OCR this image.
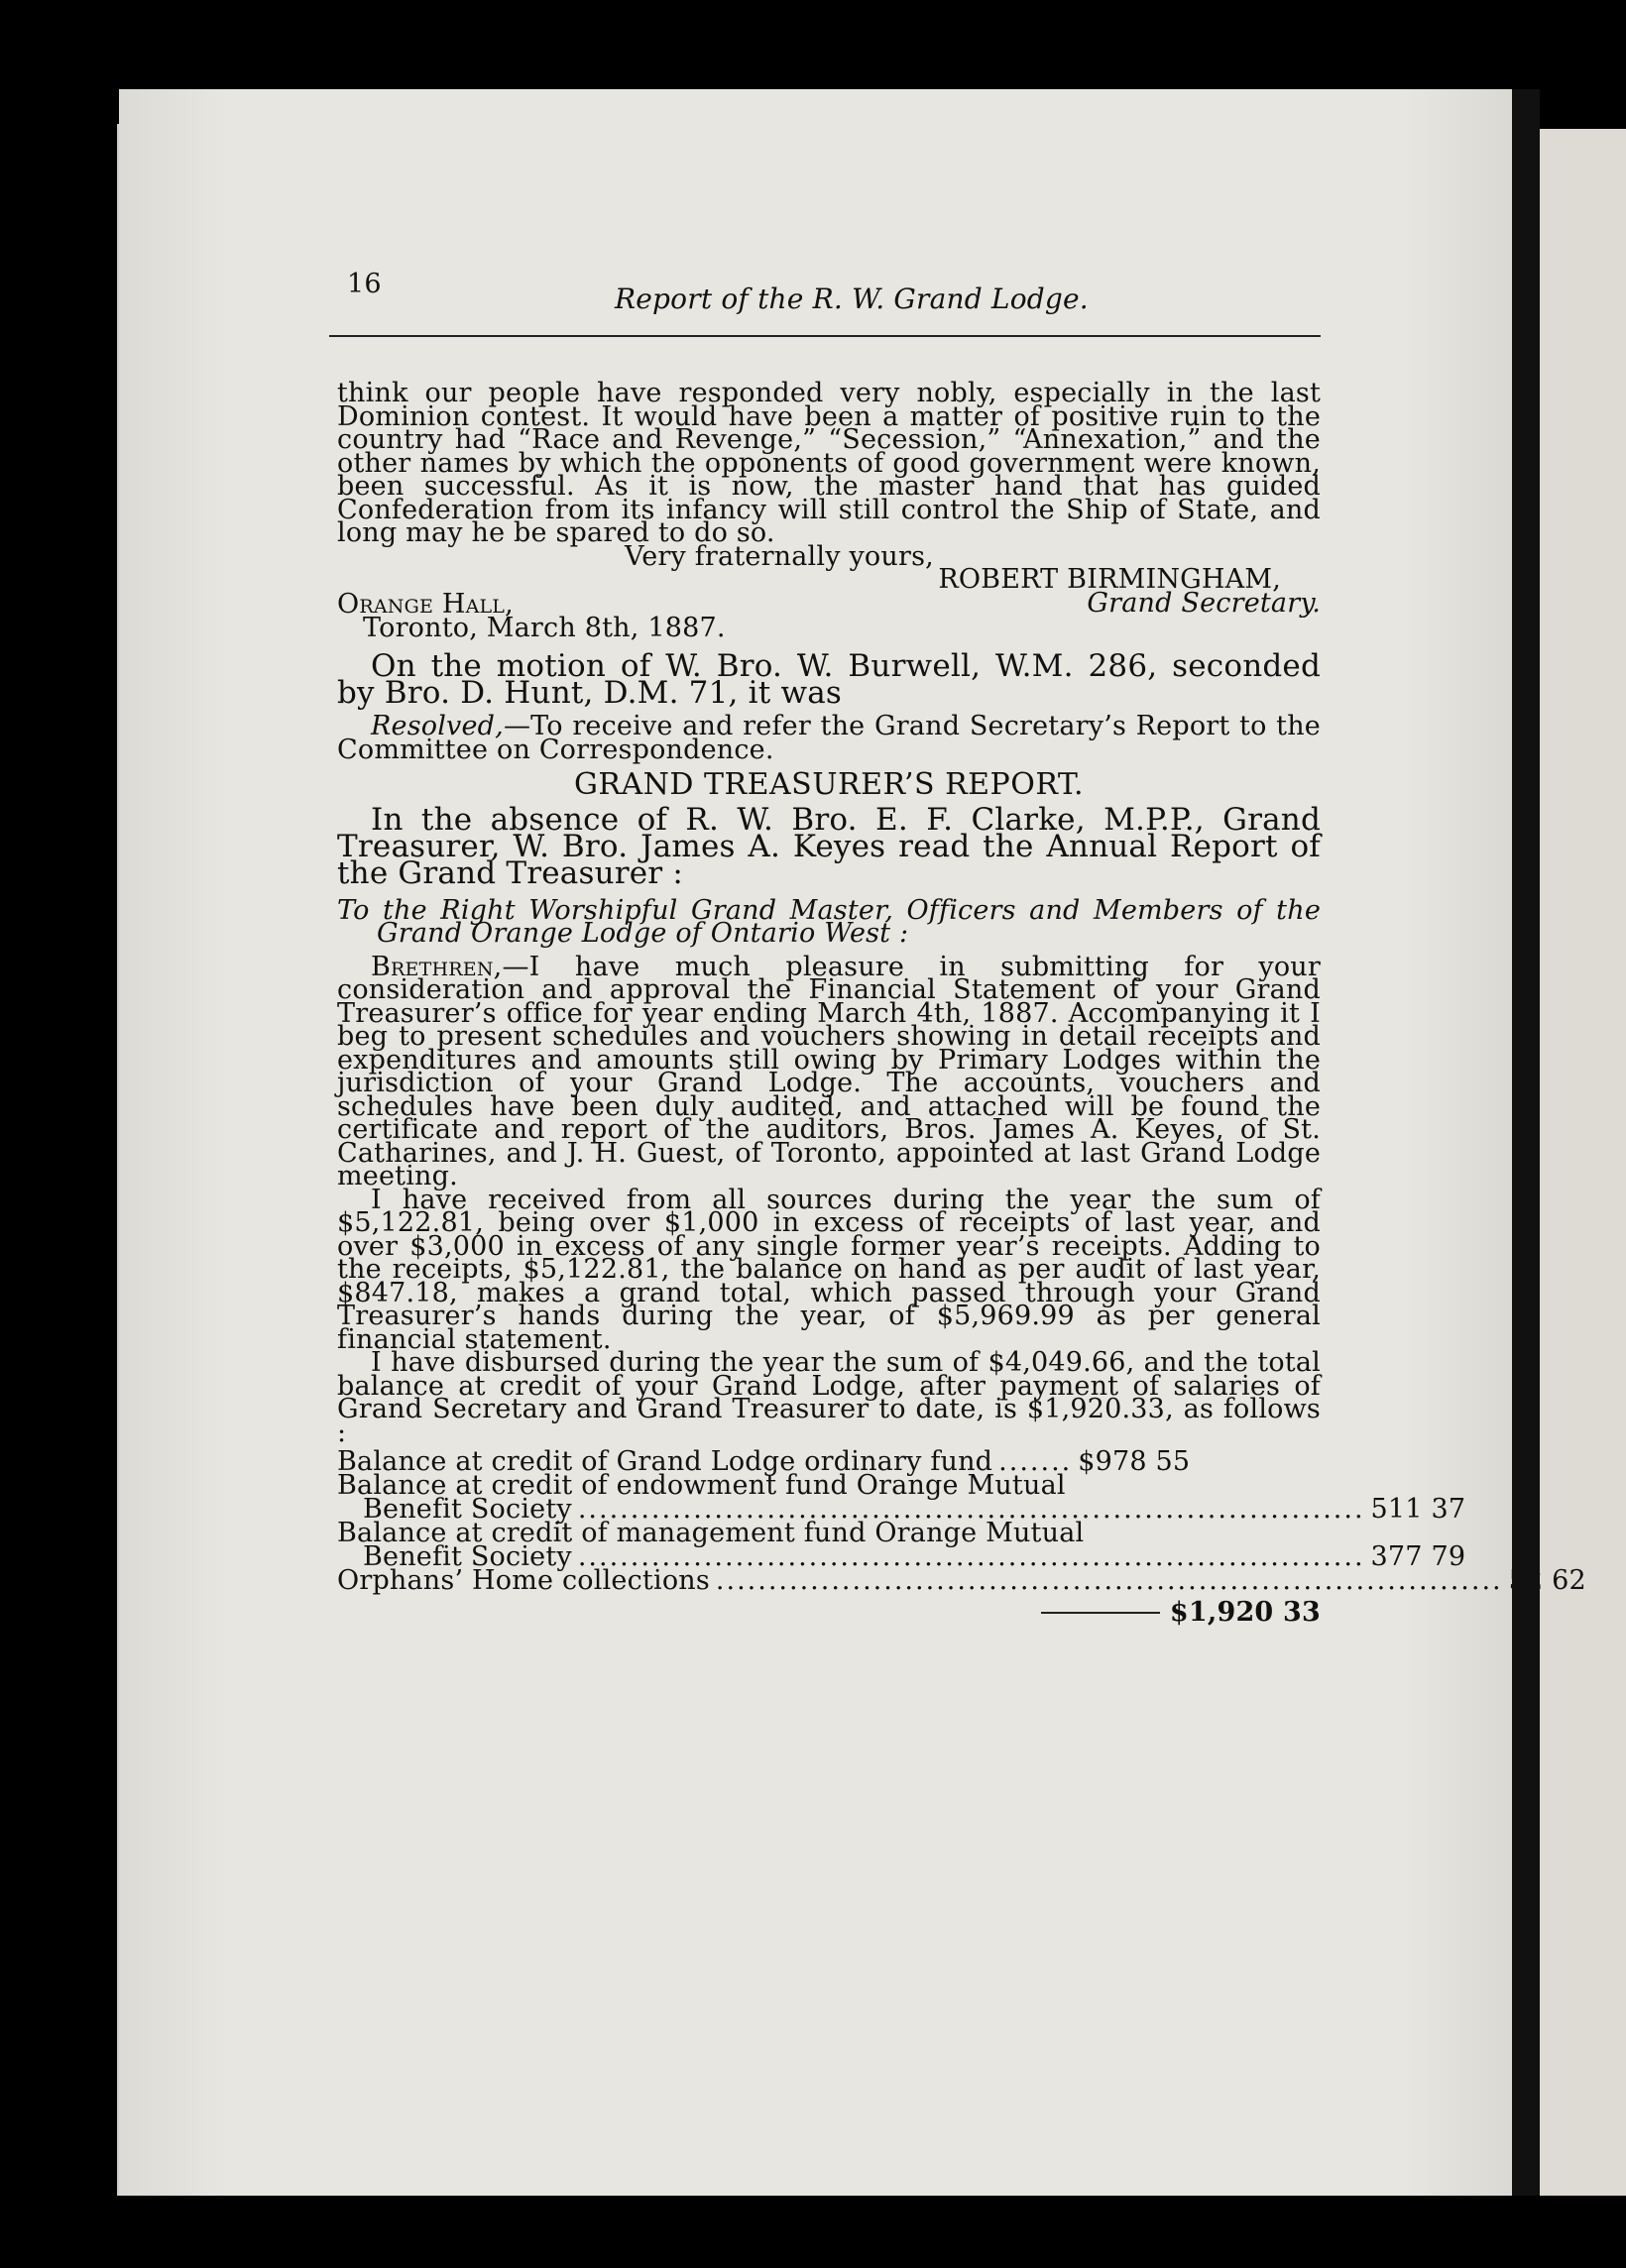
16	Report of the R. W. Grand Lodge.

think our people have responded very nobly, especially in the last Dominion contest. It would have been a matter of positive ruin to the country had “Race and Revenge,” “Secession,” “Annexation,” and the other names by which the opponents of good government were known, been successful. As it is now, the master hand that has guided Confederation from its infancy will still control the Ship of State, and long may he be spared to do so.

Very fraternally yours,

ROBERT BIRMINGHAM,

Grand Secretary.

Orange Hall,

Toronto, March 8th, 1887.

On the motion of W. Bro. W. Burwell, W.M. 286, seconded by Bro. D. Hunt, D.M. 71, it was

Resolved,—To receive and refer the Grand Secretary’s Report to the Committee on Correspondence.

GRAND TREASURER’S REPORT.

In the absence of R. W. Bro. E. F. Clarke, M.P.P., Grand Treasurer, W. Bro. James A. Keyes read the Annual Report of the Grand Treasurer :

To the Right Worshipful Grand Master, Officers and Members of the Grand Orange Lodge of Ontario West :

Brethren,—I have much pleasure in submitting for your consideration and approval the Financial Statement of your Grand Treasurer’s office for year ending March 4th, 1887. Accompanying it I beg to present schedules and vouchers showing in detail receipts and expenditures and amounts still owing by Primary Lodges within the jurisdiction of your Grand Lodge. The accounts, vouchers and schedules have been duly audited, and attached will be found the certificate and report of the auditors, Bros. James A. Keyes, of St. Catharines, and J. H. Guest, of Toronto, appointed at last Grand Lodge meeting.

I have received from all sources during the year the sum of $5,122.81, being over $1,000 in excess of receipts of last year, and over $3,000 in excess of any single former year’s receipts. Adding to the receipts, $5,122.81, the balance on hand as per audit of last year, $847.18, makes a grand total, which passed through your Grand Treasurer’s hands during the year, of $5,969.99 as per general financial statement.

I have disbursed during the year the sum of $4,049.66, and the total balance at credit of your Grand Lodge, after payment of salaries of Grand Secretary and Grand Treasurer to date, is $1,920.33, as follows :

Balance at credit of Grand Lodge ordinary fund ....... $978 55
Balance at credit of endowment fund Orange Mutual
Benefit Society ........................................................................... 511 37
Balance at credit of management fund Orange Mutual
Benefit Society ........................................................................... 377 79
Orphans’ Home collections ........................................................................... 52 62
$1,920 33
